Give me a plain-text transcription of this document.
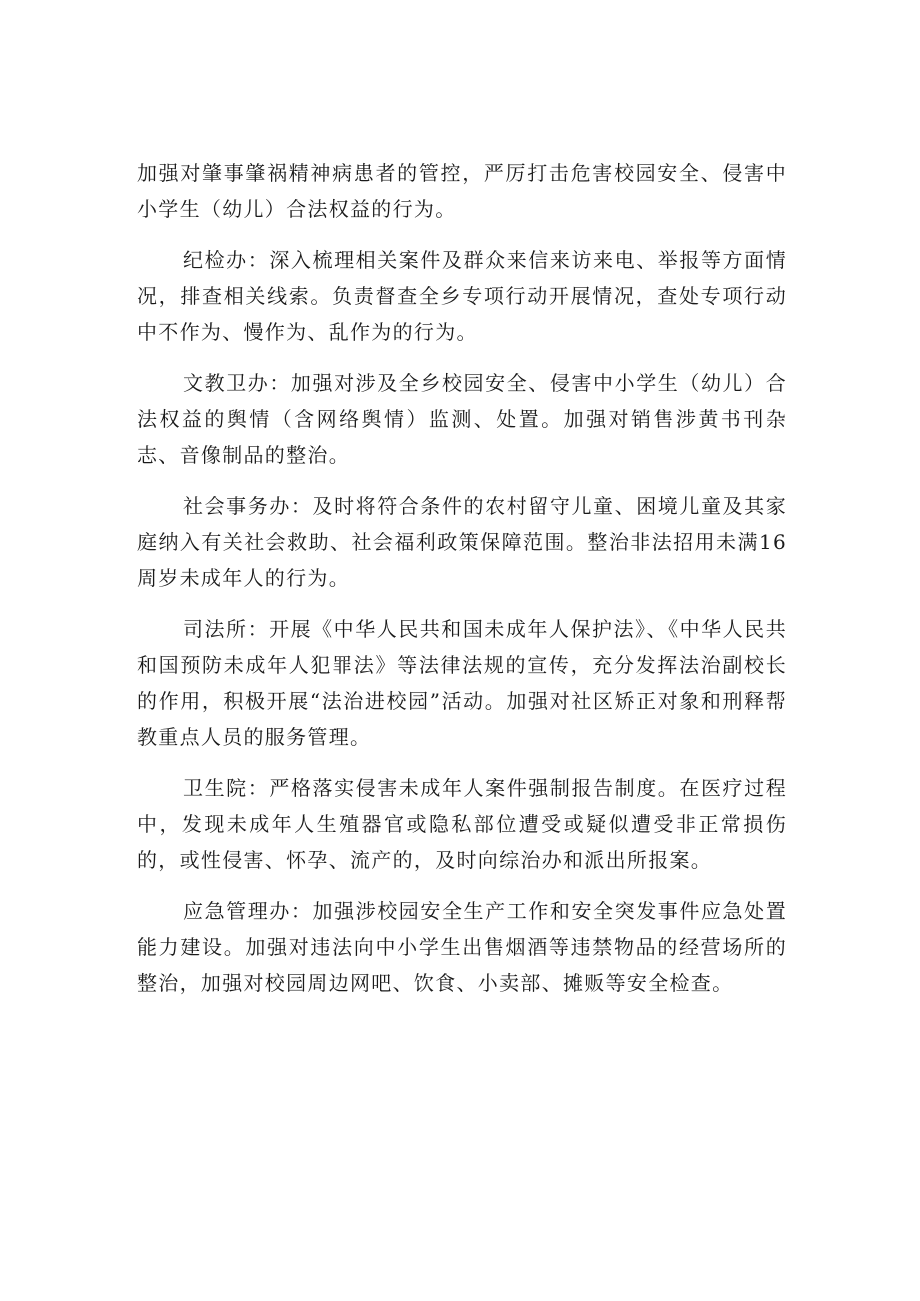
加强对肇事肇祸精神病患者的管控，严厉打击危害校园安全、侵害中小学生（幼儿）合法权益的行为。

纪检办：深入梳理相关案件及群众来信来访来电、举报等方面情况，排查相关线索。负责督查全乡专项行动开展情况，查处专项行动中不作为、慢作为、乱作为的行为。

文教卫办：加强对涉及全乡校园安全、侵害中小学生（幼儿）合法权益的舆情（含网络舆情）监测、处置。加强对销售涉黄书刊杂志、音像制品的整治。

社会事务办：及时将符合条件的农村留守儿童、困境儿童及其家庭纳入有关社会救助、社会福利政策保障范围。整治非法招用未满16周岁未成年人的行为。

司法所：开展《中华人民共和国未成年人保护法》、《中华人民共和国预防未成年人犯罪法》等法律法规的宣传，充分发挥法治副校长的作用，积极开展“法治进校园”活动。加强对社区矫正对象和刑释帮教重点人员的服务管理。

卫生院：严格落实侵害未成年人案件强制报告制度。在医疗过程中，发现未成年人生殖器官或隐私部位遭受或疑似遭受非正常损伤的，或性侵害、怀孕、流产的，及时向综治办和派出所报案。

应急管理办：加强涉校园安全生产工作和安全突发事件应急处置能力建设。加强对违法向中小学生出售烟酒等违禁物品的经营场所的整治，加强对校园周边网吧、饮食、小卖部、摊贩等安全检查。
